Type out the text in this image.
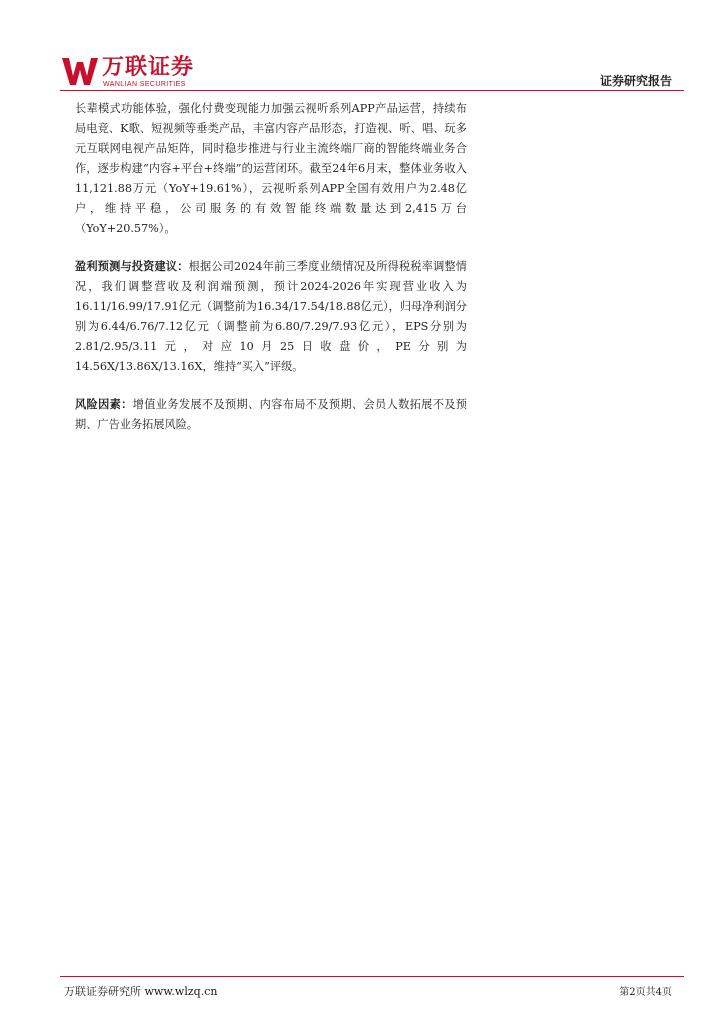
万联证券
WANLIAN SECURITIES	证券研究报告

长辈模式功能体验，强化付费变现能力加强云视听系列APP产品运营，持续布局电竞、K歌、短视频等垂类产品，丰富内容产品形态，打造视、听、唱、玩多元互联网电视产品矩阵，同时稳步推进与行业主流终端厂商的智能终端业务合作，逐步构建“内容+平台+终端”的运营闭环。截至24年6月末，整体业务收入11,121.88万元（YoY+19.61%），云视听系列APP全国有效用户为2.48亿户，维持平稳，公司服务的有效智能终端数量达到2,415万台（YoY+20.57%）。

盈利预测与投资建议：根据公司2024年前三季度业绩情况及所得税税率调整情况，我们调整营收及利润端预测，预计2024-2026年实现营业收入为16.11/16.99/17.91亿元（调整前为16.34/17.54/18.88亿元），归母净利润分别为6.44/6.76/7.12亿元（调整前为6.80/7.29/7.93亿元），EPS分别为2.81/2.95/3.11元，对应10月25日收盘价，PE分别为14.56X/13.86X/13.16X，维持“买入”评级。

风险因素：增值业务发展不及预期、内容布局不及预期、会员人数拓展不及预期、广告业务拓展风险。

万联证券研究所 www.wlzq.cn	第2页共4页
